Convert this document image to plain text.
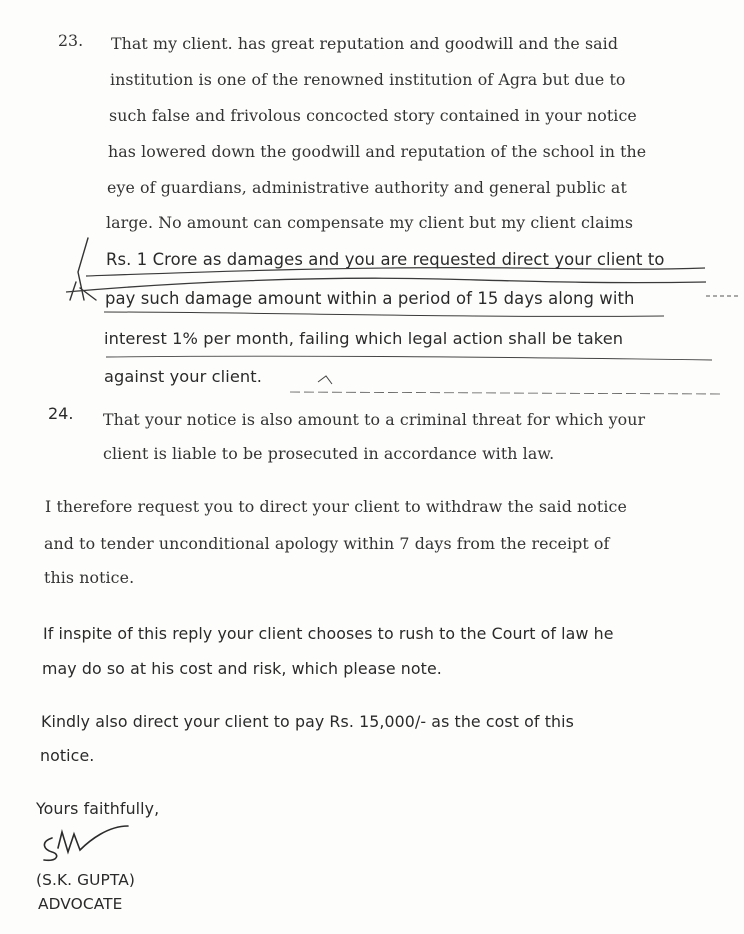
23. That my client. has great reputation and goodwill and the said
institution is one of the renowned institution of Agra but due to
such false and frivolous concocted story contained in your notice
has lowered down the goodwill and reputation of the school in the
eye of guardians, administrative authority and general public at
large. No amount can compensate my client but my client claims
Rs. 1 Crore as damages and you are requested direct your client to
pay such damage amount within a period of 15 days along with
interest 1% per month, failing which legal action shall be taken
against your client.
24. That your notice is also amount to a criminal threat for which your
client is liable to be prosecuted in accordance with law.
I therefore request you to direct your client to withdraw the said notice
and to tender unconditional apology within 7 days from the receipt of
this notice.
If inspite of this reply your client chooses to rush to the Court of law he
may do so at his cost and risk, which please note.
Kindly also direct your client to pay Rs. 15,000/- as the cost of this
notice.
Yours faithfully,
(S.K. GUPTA)
ADVOCATE
